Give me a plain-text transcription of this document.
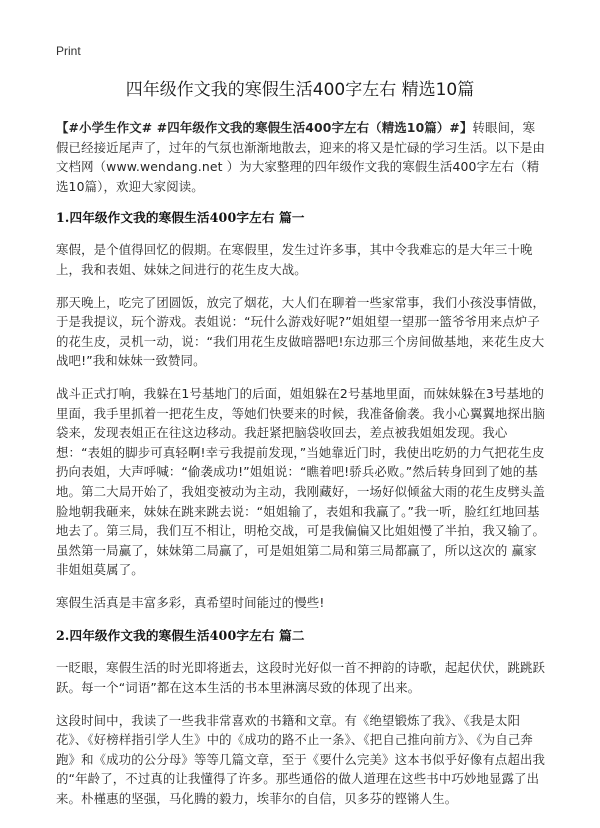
Print
四年级作文我的寒假生活400字左右 精选10篇

【#小学生作文# #四年级作文我的寒假生活400字左右（精选10篇）#】转眼间，寒假已经接近尾声了，过年的气氛也渐渐地散去，迎来的将又是忙碌的学习生活。以下是由文档网（www.wendang.net ）为大家整理的四年级作文我的寒假生活400字左右（精选10篇），欢迎大家阅读。

1.四年级作文我的寒假生活400字左右 篇一

寒假，是个值得回忆的假期。在寒假里，发生过许多事，其中令我难忘的是大年三十晚上，我和表姐、妹妹之间进行的花生皮大战。

那天晚上，吃完了团圆饭，放完了烟花，大人们在聊着一些家常事，我们小孩没事情做，于是我提议，玩个游戏。表姐说：“玩什么游戏好呢?”姐姐望一望那一篮爷爷用来点炉子的花生皮，灵机一动，说：“我们用花生皮做暗器吧!东边那三个房间做基地，来花生皮大战吧!”我和妹妹一致赞同。

战斗正式打响，我躲在1号基地门的后面，姐姐躲在2号基地里面，而妹妹躲在3号基地的里面，我手里抓着一把花生皮，等她们快要来的时候，我准备偷袭。我小心翼翼地探出脑袋来，发现表姐正在往这边移动。我赶紧把脑袋收回去，差点被我姐姐发现。我心想：“表姐的脚步可真轻啊!幸亏我提前发现，”当她靠近门时，我使出吃奶的力气把花生皮扔向表姐，大声呼喊：“偷袭成功!”姐姐说：“瞧着吧!骄兵必败。”然后转身回到了她的基地。第二大局开始了，我姐变被动为主动，我刚藏好，一场好似倾盆大雨的花生皮劈头盖脸地朝我砸来，妹妹在跳来跳去说：“姐姐输了，表姐和我赢了。”我一听，脸红红地回基地去了。第三局，我们互不相让，明枪交战，可是我偏偏又比姐姐慢了半拍，我又输了。虽然第一局赢了，妹妹第二局赢了，可是姐姐第二局和第三局都赢了，所以这次的 赢家非姐姐莫属了。

寒假生活真是丰富多彩，真希望时间能过的慢些!

2.四年级作文我的寒假生活400字左右 篇二

一眨眼，寒假生活的时光即将逝去，这段时光好似一首不押韵的诗歌，起起伏伏，跳跳跃跃。每一个“词语”都在这本生活的书本里淋漓尽致的体现了出来。

这段时间中，我读了一些我非常喜欢的书籍和文章。有《绝望锻炼了我》、《我是太阳花》、《好榜样指引学人生》中的《成功的路不止一条》、《把自己推向前方》、《为自己奔跑》和《成功的公分母》等等几篇文章，至于《要什么完美》这本书似乎好像有点超出我的“年龄了，不过真的让我懂得了许多。那些通俗的做人道理在这些书中巧妙地显露了出来。朴槿惠的坚强，马化腾的毅力，埃菲尔的自信，贝多芬的铿锵人生。
